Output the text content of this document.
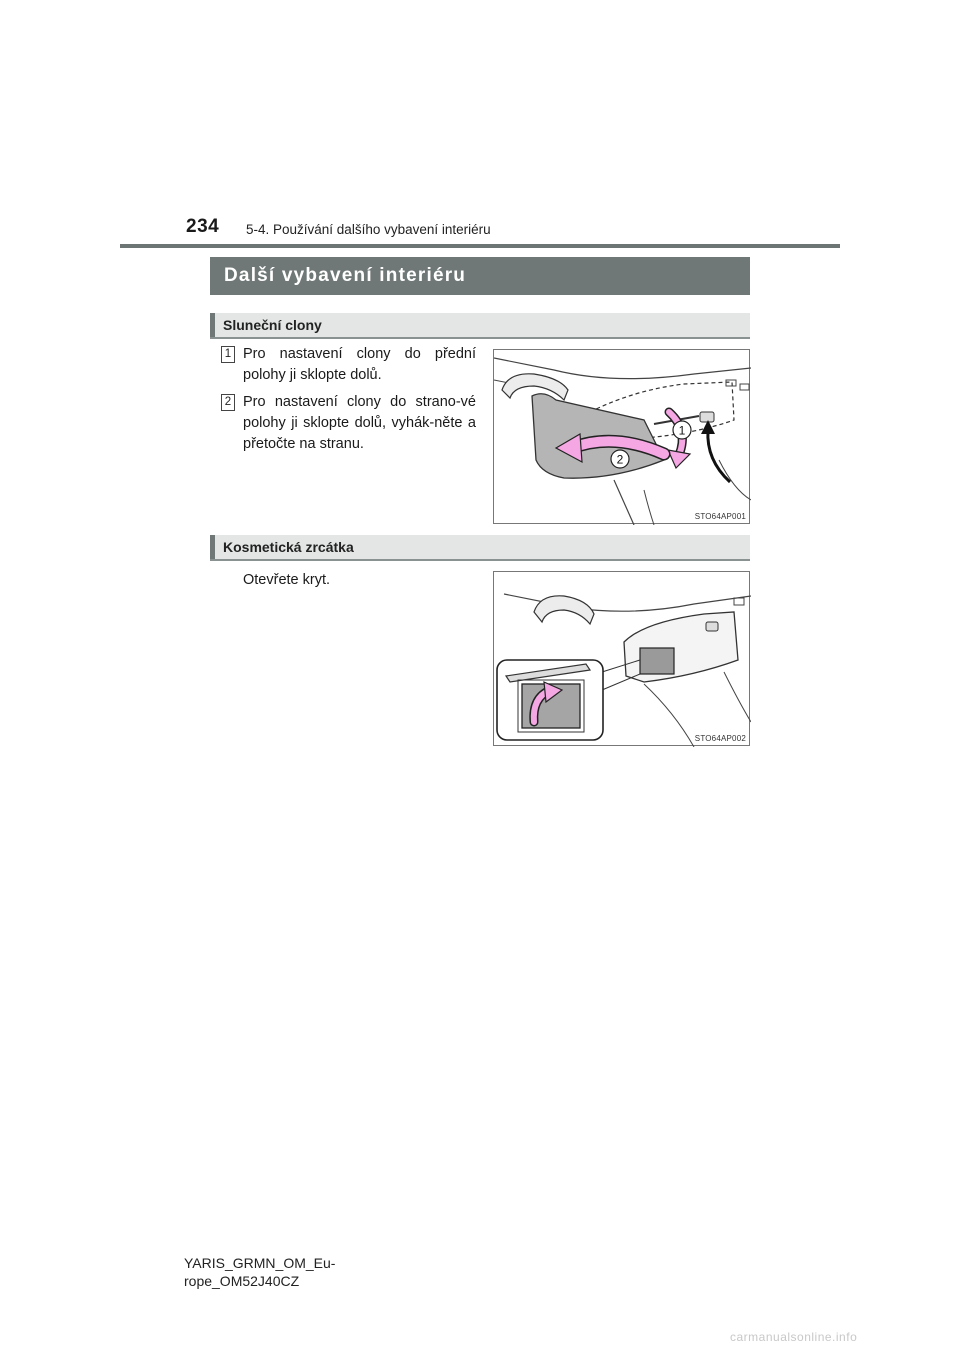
234 5-4. Používání dalšího vybavení interiéru
Další vybavení interiéru
Sluneční clony
1 Pro nastavení clony do přední polohy ji sklopte dolů.
2 Pro nastavení clony do strano-vé polohy ji sklopte dolů, vyhák-něte a přetočte na stranu.
1
2
STO64AP001
Kosmetická zrcátka
Otevřete kryt.
STO64AP002
YARIS_GRMN_OM_Eu-rope_OM52J40CZ
carmanualsonline.info
